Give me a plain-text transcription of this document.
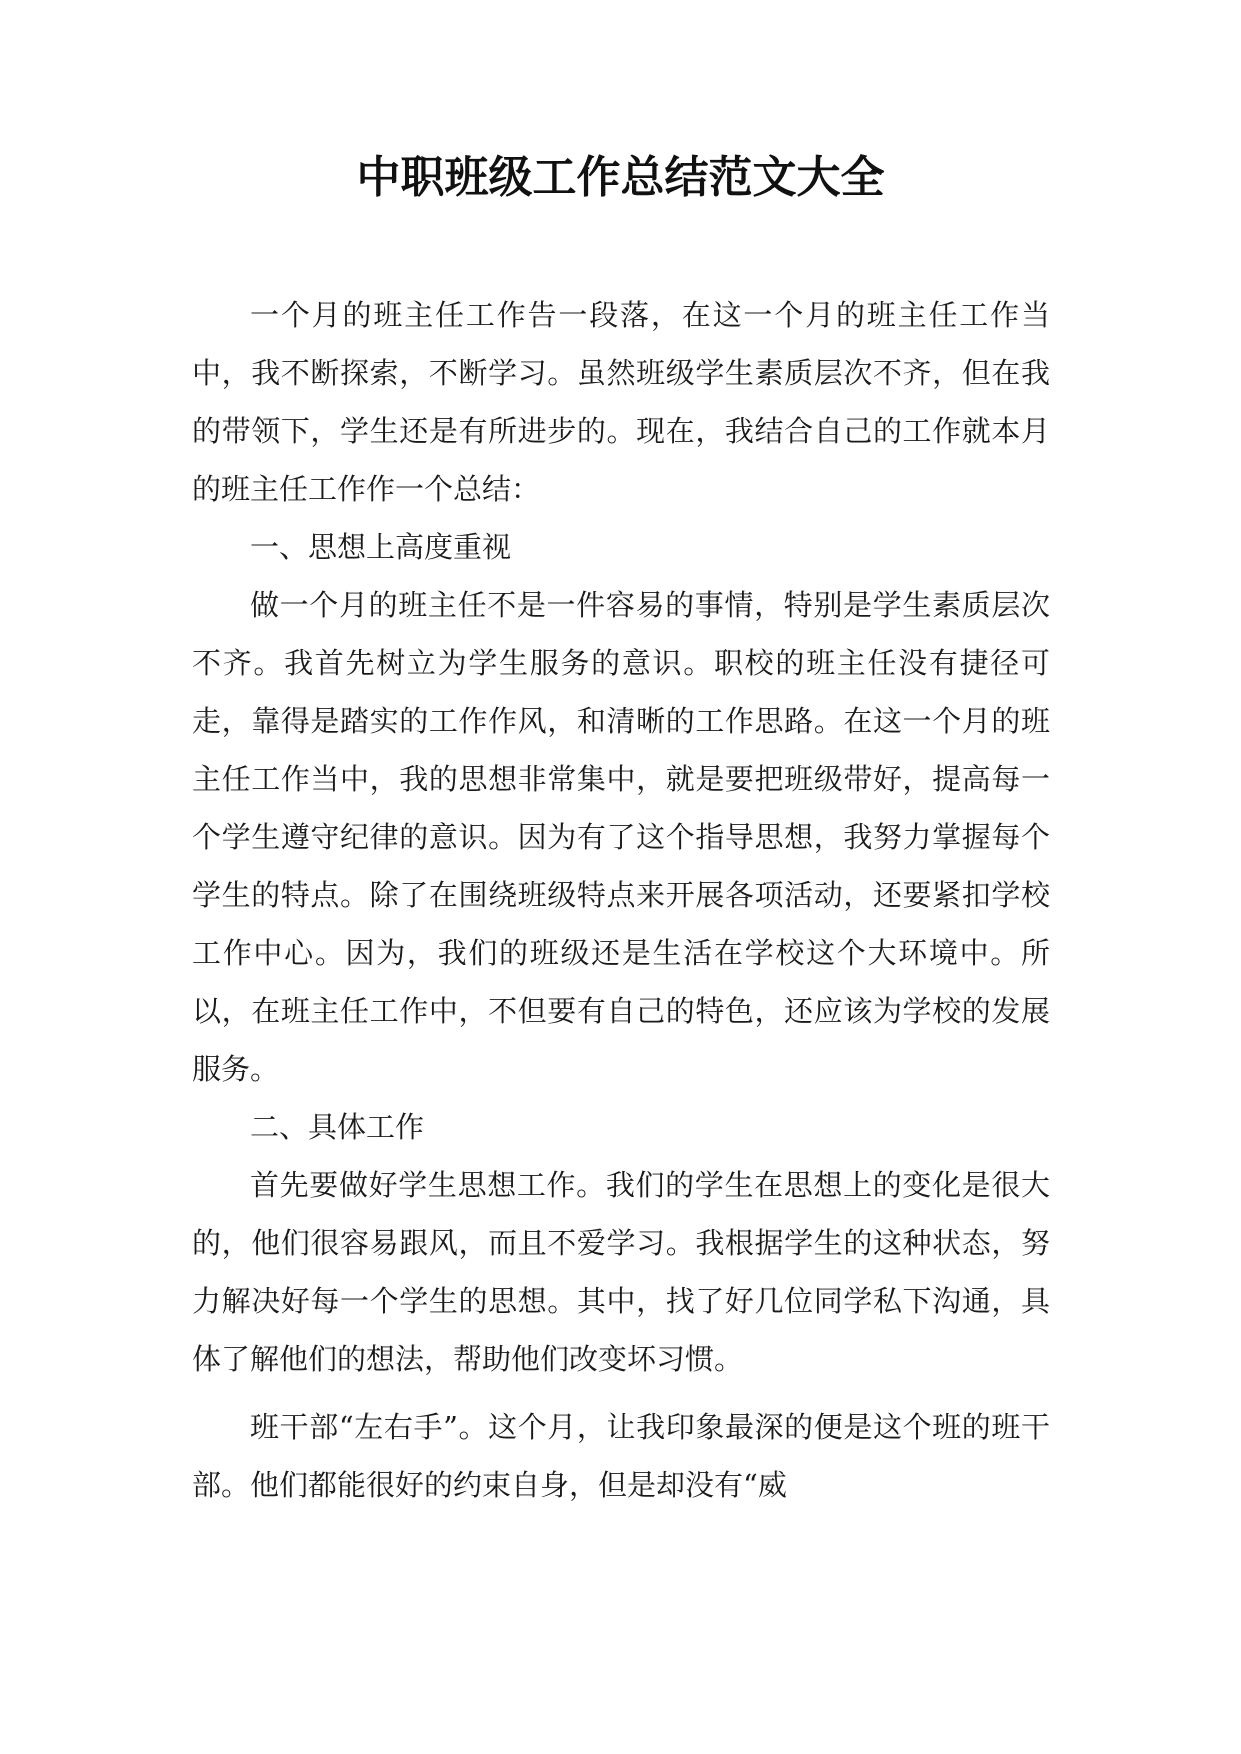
中职班级工作总结范文大全

一个月的班主任工作告一段落，在这一个月的班主任工作当中，我不断探索，不断学习。虽然班级学生素质层次不齐，但在我的带领下，学生还是有所进步的。现在，我结合自己的工作就本月的班主任工作作一个总结：

一、思想上高度重视

做一个月的班主任不是一件容易的事情，特别是学生素质层次不齐。我首先树立为学生服务的意识。职校的班主任没有捷径可走，靠得是踏实的工作作风，和清晰的工作思路。在这一个月的班主任工作当中，我的思想非常集中，就是要把班级带好，提高每一个学生遵守纪律的意识。因为有了这个指导思想，我努力掌握每个学生的特点。除了在围绕班级特点来开展各项活动，还要紧扣学校工作中心。因为，我们的班级还是生活在学校这个大环境中。所以，在班主任工作中，不但要有自己的特色，还应该为学校的发展服务。

二、具体工作

首先要做好学生思想工作。我们的学生在思想上的变化是很大的，他们很容易跟风，而且不爱学习。我根据学生的这种状态，努力解决好每一个学生的思想。其中，找了好几位同学私下沟通，具体了解他们的想法，帮助他们改变坏习惯。

班干部“左右手”。这个月，让我印象最深的便是这个班的班干部。他们都能很好的约束自身，但是却没有“威
